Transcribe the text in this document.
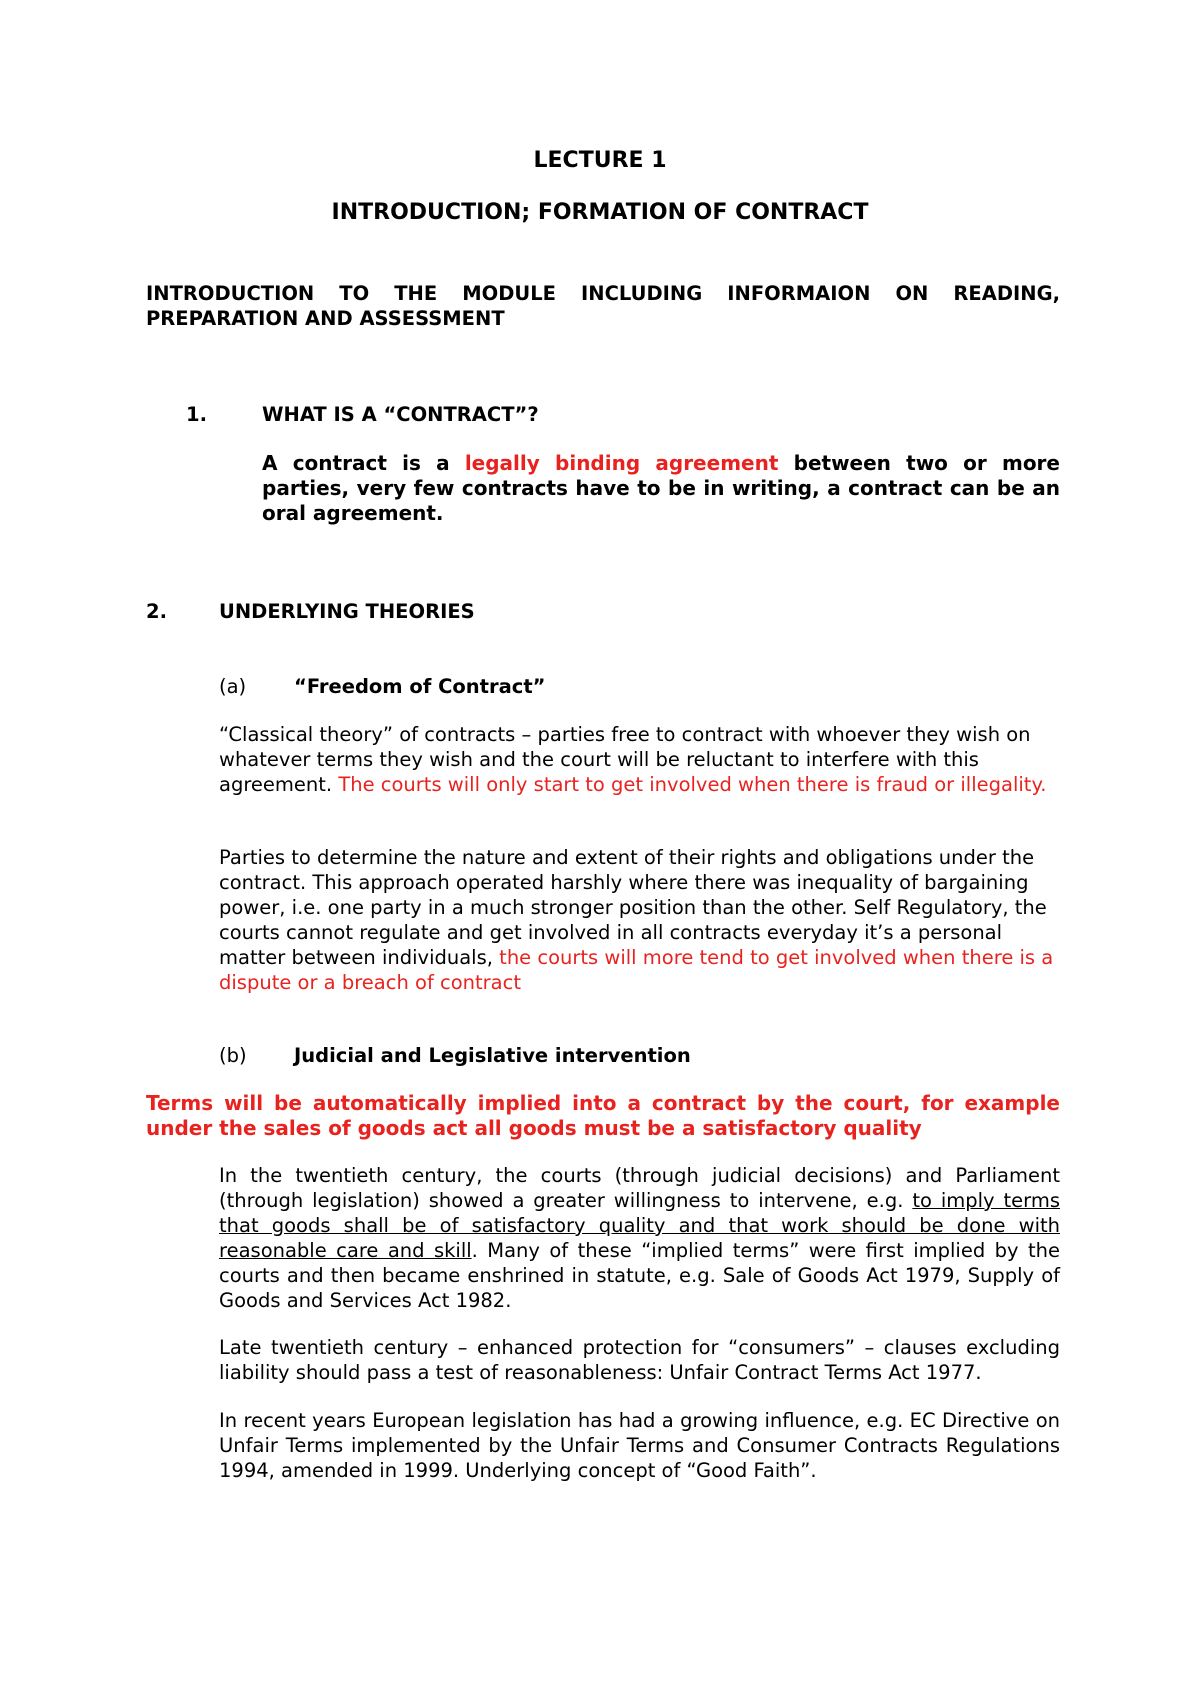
LECTURE 1
INTRODUCTION; FORMATION OF CONTRACT

INTRODUCTION TO THE MODULE INCLUDING INFORMAION ON READING, PREPARATION AND ASSESSMENT

1.	WHAT IS A “CONTRACT”?

A contract is a legally binding agreement between two or more parties, very few contracts have to be in writing, a contract can be an oral agreement.

2.	UNDERLYING THEORIES
(a) “Freedom of Contract”

“Classical theory” of contracts – parties free to contract with whoever they wish on whatever terms they wish and the court will be reluctant to interfere with this agreement. The courts will only start to get involved when there is fraud or illegality.

Parties to determine the nature and extent of their rights and obligations under the contract. This approach operated harshly where there was inequality of bargaining power, i.e. one party in a much stronger position than the other. Self Regulatory, the courts cannot regulate and get involved in all contracts everyday it’s a personal matter between individuals, the courts will more tend to get involved when there is a dispute or a breach of contract

(b) Judicial and Legislative intervention

Terms will be automatically implied into a contract by the court, for example under the sales of goods act all goods must be a satisfactory quality

In the twentieth century, the courts (through judicial decisions) and Parliament (through legislation) showed a greater willingness to intervene, e.g. to imply terms that goods shall be of satisfactory quality and that work should be done with reasonable care and skill. Many of these “implied terms” were first implied by the courts and then became enshrined in statute, e.g. Sale of Goods Act 1979, Supply of Goods and Services Act 1982.

Late twentieth century – enhanced protection for “consumers” – clauses excluding liability should pass a test of reasonableness: Unfair Contract Terms Act 1977.

In recent years European legislation has had a growing influence, e.g. EC Directive on Unfair Terms implemented by the Unfair Terms and Consumer Contracts Regulations 1994, amended in 1999. Underlying concept of “Good Faith”.
